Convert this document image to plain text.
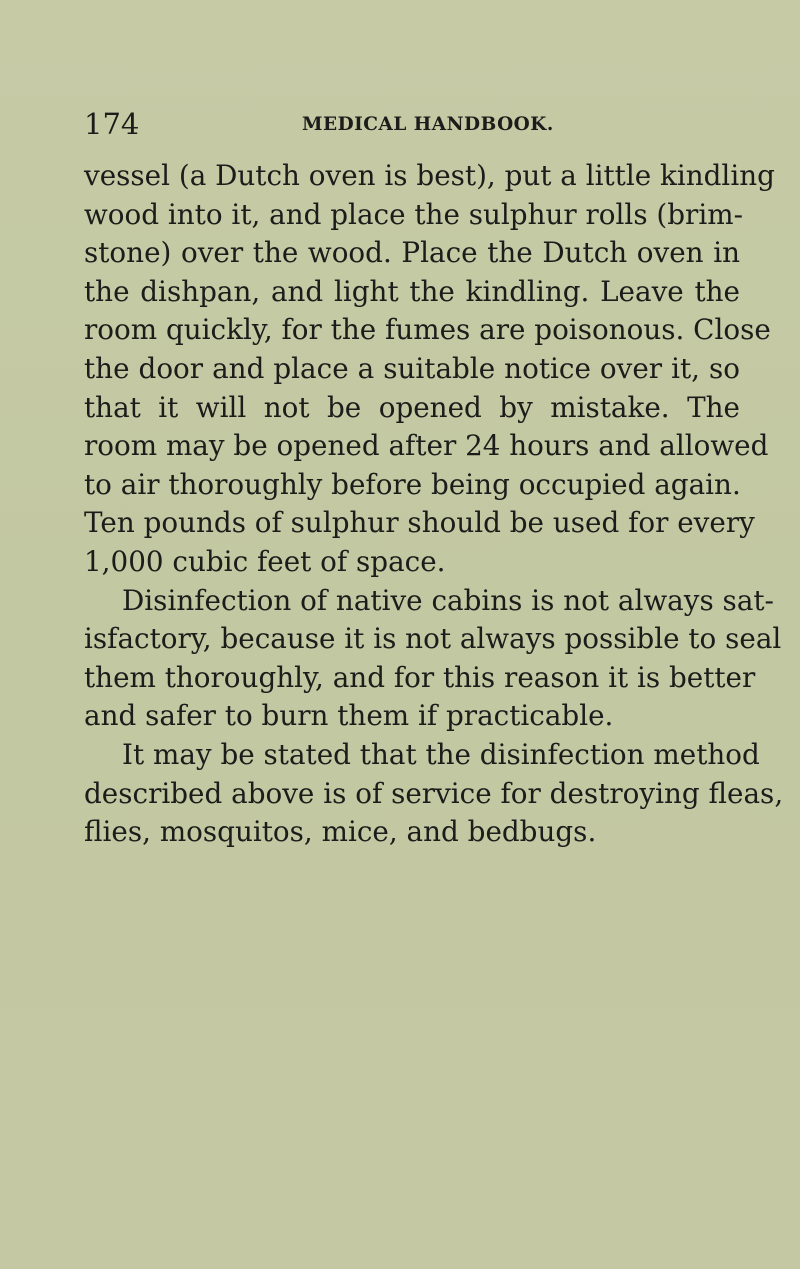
174	MEDICAL HANDBOOK.
vessel (a Dutch oven is best), put a little kindling
wood into it, and place the sulphur rolls (brim-
stone) over the wood. Place the Dutch oven in
the dishpan, and light the kindling. Leave the
room quickly, for the fumes are poisonous. Close
the door and place a suitable notice over it, so
that it will not be opened by mistake. The
room may be opened after 24 hours and allowed
to air thoroughly before being occupied again.
Ten pounds of sulphur should be used for every
1,000 cubic feet of space.
Disinfection of native cabins is not always sat-
isfactory, because it is not always possible to seal
them thoroughly, and for this reason it is better
and safer to burn them if practicable.
It may be stated that the disinfection method
described above is of service for destroying fleas,
flies, mosquitos, mice, and bedbugs.
